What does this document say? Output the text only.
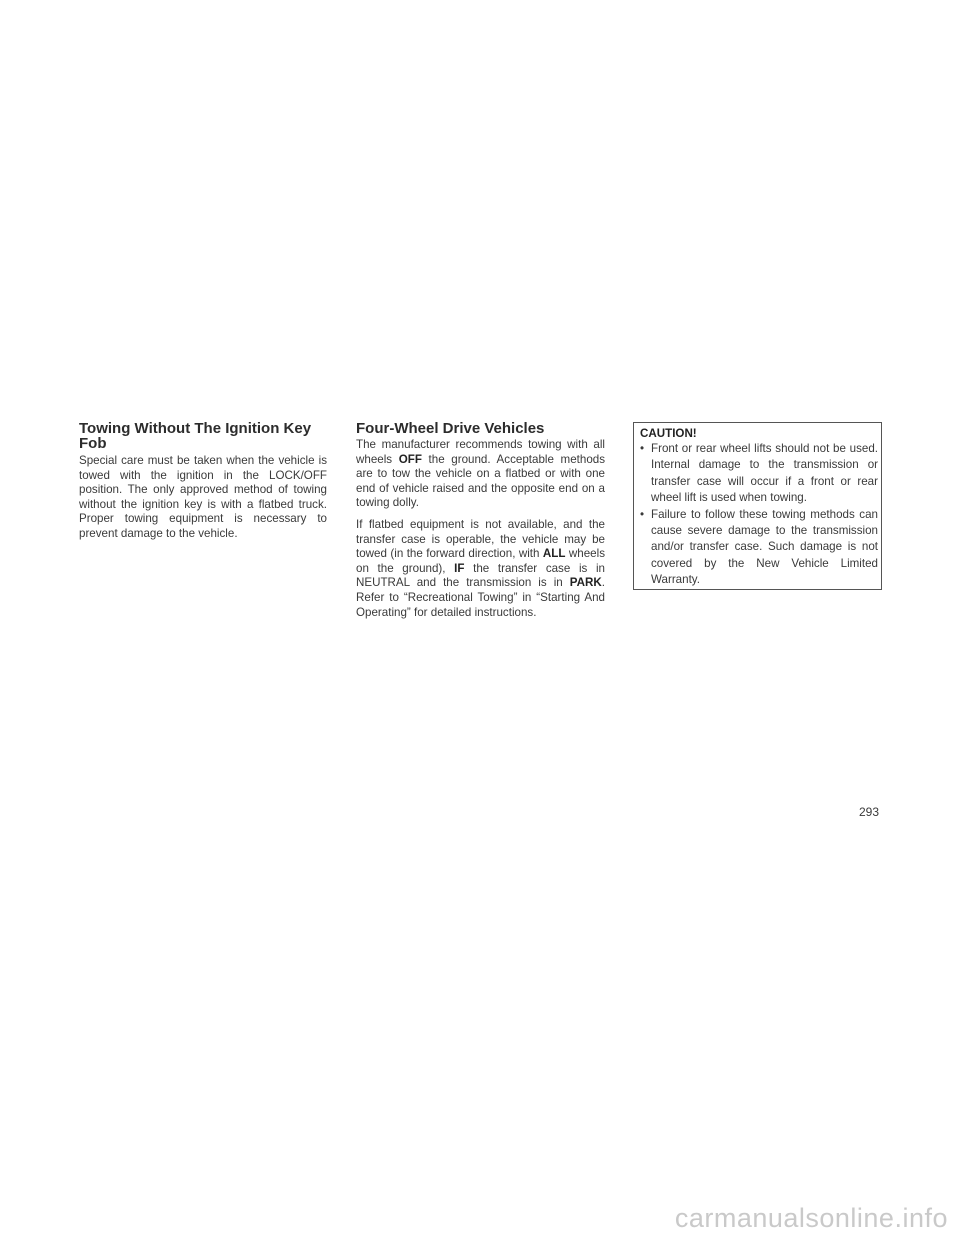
Towing Without The Ignition Key Fob

Special care must be taken when the vehicle is towed with the ignition in the LOCK/OFF position. The only approved method of towing without the ignition key is with a flatbed truck. Proper towing equipment is necessary to prevent damage to the vehicle.

Four-Wheel Drive Vehicles

The manufacturer recommends towing with all wheels OFF the ground. Acceptable methods are to tow the vehicle on a flatbed or with one end of vehicle raised and the opposite end on a towing dolly.

If flatbed equipment is not available, and the transfer case is operable, the vehicle may be towed (in the forward direction, with ALL wheels on the ground), IF the transfer case is in NEUTRAL and the transmission is in PARK. Refer to “Recreational Towing” in “Starting And Operating” for detailed instructions.

CAUTION!
• Front or rear wheel lifts should not be used. Internal damage to the transmission or transfer case will occur if a front or rear wheel lift is used when towing.
• Failure to follow these towing methods can cause severe damage to the transmission and/or transfer case. Such damage is not covered by the New Vehicle Limited Warranty.
293
carmanualsonline.info
